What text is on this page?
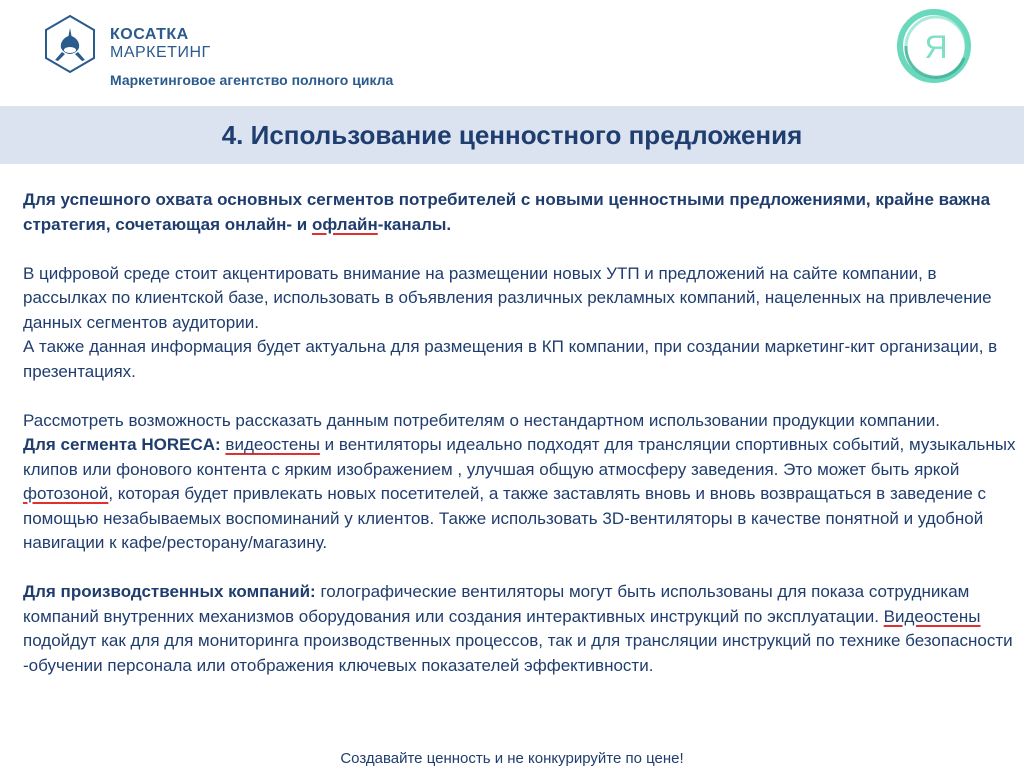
КОСАТКА
МАРКЕТИНГ
Маркетинговое агентство полного цикла
Я
4. Использование ценностного предложения

Для успешного охвата основных сегментов потребителей с новыми ценностными предложениями, крайне важна стратегия, сочетающая онлайн- и офлайн-каналы.

В цифровой среде стоит акцентировать внимание на размещении новых УТП и предложений на сайте компании, в рассылках по клиентской базе, использовать в объявления различных рекламных компаний, нацеленных на привлечение данных сегментов аудитории.

А также данная информация будет актуальна для размещения в КП компании, при создании маркетинг-кит организации, в презентациях.

Рассмотреть возможность рассказать данным потребителям о нестандартном использовании продукции компании.

Для сегмента HORECA: видеостены и вентиляторы идеально подходят для трансляции спортивных событий, музыкальных клипов или фонового контента с ярким изображением , улучшая общую атмосферу заведения. Это может быть яркой фотозоной, которая будет привлекать новых посетителей, а также заставлять вновь и вновь возвращаться в заведение с помощью незабываемых воспоминаний у клиентов. Также использовать 3D-вентиляторы в качестве понятной и удобной навигации к кафе/ресторану/магазину.

Для производственных компаний: голографические вентиляторы могут быть использованы для показа сотрудникам компаний внутренних механизмов оборудования или создания интерактивных инструкций по эксплуатации. Видеостены подойдут как для для мониторинга производственных процессов, так и для трансляции инструкций по технике безопасности -обучении персонала или отображения ключевых показателей эффективности.

Создавайте ценность и не конкурируйте по цене!
